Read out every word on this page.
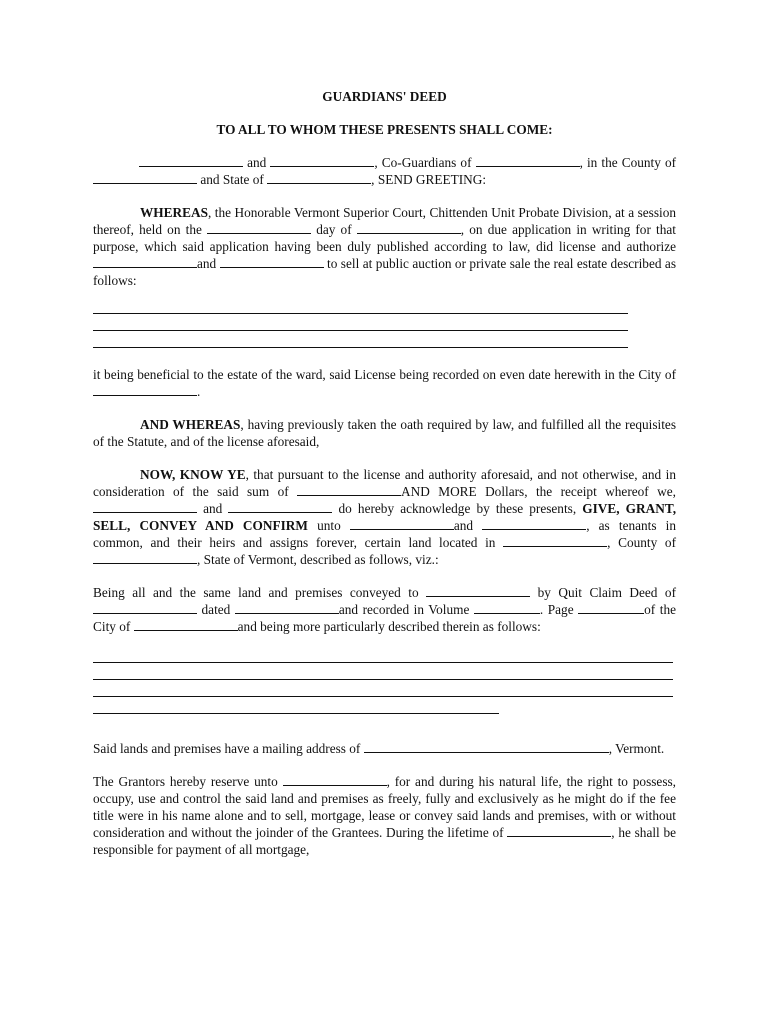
GUARDIANS' DEED

TO ALL TO WHOM THESE PRESENTS SHALL COME:

and	, Co-Guardians of	, in the County of  and State of	, SEND GREETING:

WHEREAS, the Honorable Vermont Superior Court, Chittenden Unit Probate Division, at a session thereof, held on the	day of	, on due application in writing for that purpose, which said application having been duly published according to law, did license and authorize and	to sell at public auction or private sale the real estate described as follows:

it being beneficial to the estate of the ward, said License being recorded on even date herewith in the City of .

AND WHEREAS, having previously taken the oath required by law, and fulfilled all the requisites of the Statute, and of the license aforesaid,

NOW, KNOW YE, that pursuant to the license and authority aforesaid, and not otherwise, and in consideration of the said sum of	AND MORE Dollars, the receipt whereof we,  and	do hereby acknowledge by these presents, GIVE, GRANT, SELL, CONVEY AND CONFIRM unto	and	, as tenants in common, and their heirs and assigns forever, certain land located in	, County of, State of Vermont, described as follows, viz.:

Being all and the same land and premises conveyed to	by Quit Claim Deed of  dated	and recorded in Volume	. Page	of the City of	and being more particularly described therein as follows:

Said lands and premises have a mailing address of	, Vermont.

The Grantors hereby reserve unto	, for and during his natural life, the right to possess, occupy, use and control the said land and premises as freely, fully and exclusively as he might do if the fee title were in his name alone and to sell, mortgage, lease or convey said lands and premises, with or without consideration and without the joinder of the Grantees. During the lifetime of	, he shall be responsible for payment of all mortgage,
